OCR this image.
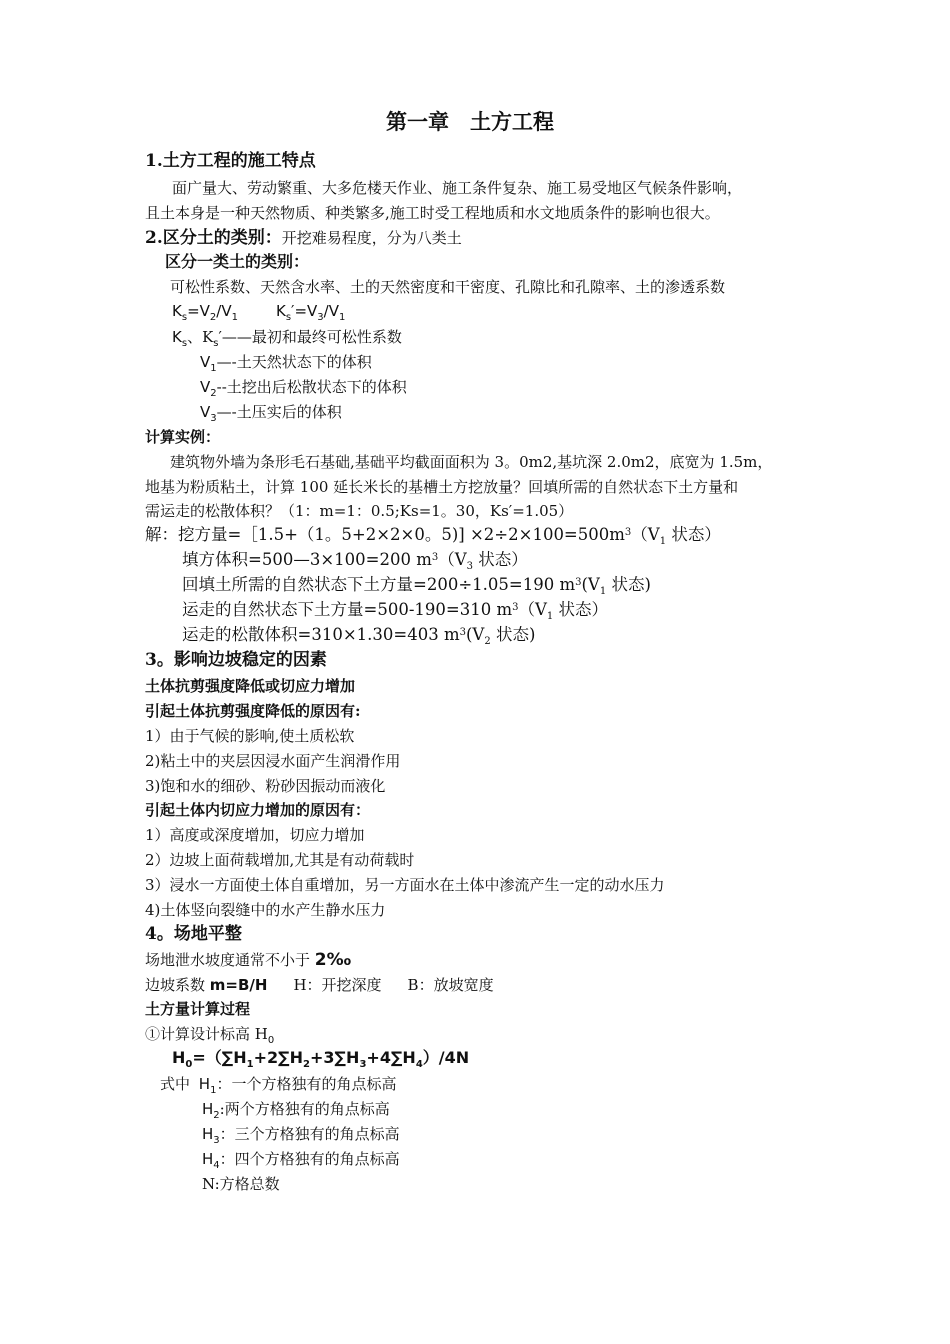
第一章　土方工程
1.土方工程的施工特点
面广量大、劳动繁重、大多危楼天作业、施工条件复杂、施工易受地区气候条件影响，
且土本身是一种天然物质、种类繁多,施工时受工程地质和水文地质条件的影响也很大。
2.区分土的类别：开挖难易程度，分为八类土
区分一类土的类别：
可松性系数、天然含水率、土的天然密度和干密度、孔隙比和孔隙率、土的渗透系数
$K_s=V_2/V_1$	$K_s'=V_3/V_1$
$K_s$、$K_s'——$最初和最终可松性系数
$V_1—-$土天然状态下的体积
$V_2--$土挖出后松散状态下的体积
$V_3—-$土压实后的体积
计算实例：
建筑物外墙为条形毛石基础,基础平均截面面积为 3。0m2,基坑深 2.0m2，底宽为 1.5m，
地基为粉质粘土，计算 100 延长米长的基槽土方挖放量？回填所需的自然状态下土方量和
需运走的松散体积？（1：m=1：0.5;Ks=1。30，Ks′=1.05）
解：挖方量=［1.5+（1。5+2×2×0。$5)] \times 2\div 2\times 100=500m^3(V_1$ 状态）
填方体积=500—3×100=200 $m^3(V_3$ 状态）
回填土所需的自然状态下土方量=200÷1.05=190 $m^3(V_1$ 状态)
运走的自然状态下土方量=500-190=310 $m^3(V_1$ 状态）
运走的松散体积=310×1.30=403 $m^3(V_2$ 状态)
3。影响边坡稳定的因素
土体抗剪强度降低或切应力增加
引起土体抗剪强度降低的原因有:
1）由于气候的影响,使土质松软
2)粘土中的夹层因浸水面产生润滑作用
3)饱和水的细砂、粉砂因振动而液化
引起土体内切应力增加的原因有：
1）高度或深度增加，切应力增加
2）边坡上面荷载增加,尤其是有动荷载时
3）浸水一方面使土体自重增加，另一方面水在土体中渗流产生一定的动水压力
4)土体竖向裂缝中的水产生静水压力
4。场地平整
场地泄水坡度通常不小于 2‰
边坡系数 m=B/H H：开挖深度 B：放坡宽度
土方量计算过程
①计算设计标高 $H_0$
$H_0=(\sum H_1+2\sum H_2+3\sum H_3+4\sum H_4)/4N$
式中 $H_1$：一个方格独有的角点标高
$H_2$:两个方格独有的角点标高
$H_3$：三个方格独有的角点标高
$H_4$：四个方格独有的角点标高
N:方格总数
